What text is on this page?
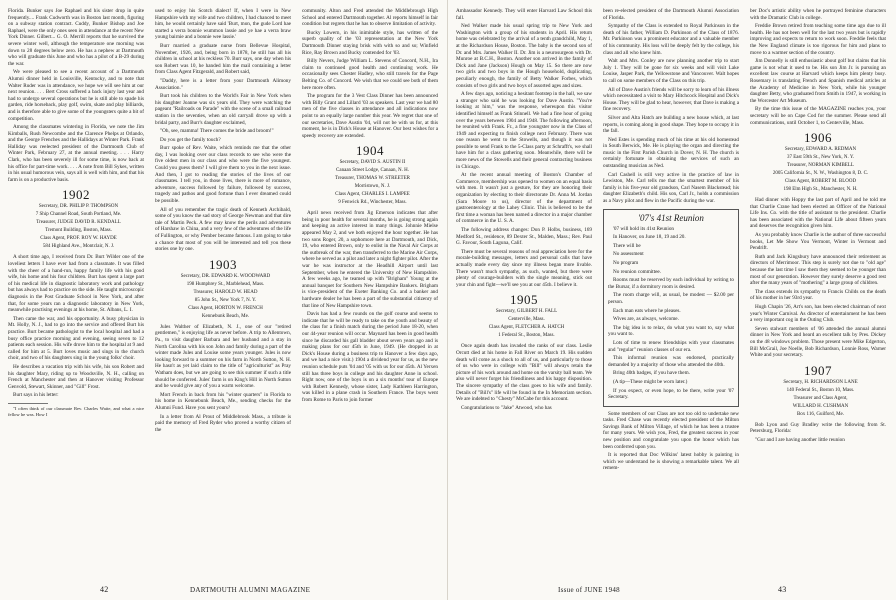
Florida. Bunker says Joe Raphael and his sister drop in quite frequently.... Frank Cudworth was in Boston last month, figuring on a subway station contract. Cuddy, Bunker Bishop and Joe Raphael, were the only ones seen in attendance at the recent New York Dinner. Gilbert... G. O. Merrill reports that he survived the severe winter well, although the temperature one morning was down to 28 degrees below zero. He has a nephew at Dartmouth who will graduate this June and who has a pilot of a B-29 during the war.

We were pleased to see a recent account of a Dartmouth Alumni dinner held in Louisville, Kentucky, and to note that Walter Ruder was in attendance, we hope we will see him at our next reunion. . . . Bert Cross suffered a back injury last year and had to undergo several operations but he is still able to spade his garden, ride horseback, play golf, swim, skate and play billiards, and is therefore able to give some of the youngsters quite a bit of competition.

Among the classmates wintering in Florida, we note the Jim Kimballs, Rush Newcombe and the Clarence Phelps at Orlando, and the George Frenches and the Hallidays at Winter Park. Frank Halliday was reelected president of the Dartmouth Club of Winter Park, February 27, at the annual meeting. . . . Harry Clark, who has been severely ill for some time, is now back at his office for part-time work. . . . A note from Bill Sykes, written in his usual humorous vein, says all is well with him, and that his farm is on a productive basis.

1902

Secretary, DR. PHILIP P. THOMPSON

7 Ship Channel Road, South Portland, Me.

Treasurer, JUDGE DAVID R. KENDALL

Tremont Building, Boston, Mass.

Class Agent, PROF. ROY W. HAYDE

584 Highland Ave., Montclair, N. J.

A short time ago, I received from Dr. Burt Wilder one of the loveliest letters I have ever had from a classmate. It was filled with the cheer of a hand-run, happy family life with his good wife, his home and his four children. Burt has spent a large part of his medical life in diagnostic laboratory work and pathology but has always had to practice on the side. He taught microscopic diagnosis in the Post Graduate School in New York, and after that, for some years ran a diagnostic laboratory in New York, meanwhile practising evenings at his home, St. Albans, L. I.

Then came the war, and his opportunity. A busy physician in Mt. Holly, N. J., had to go into the service and offered Burt his practice. Burt became pathologist to the local hospital and had a busy office practice morning and evening, seeing seven to 12 patients each session. His wife drove him to the hospital at 9 and called for him at 5. Burt loves music and sings in the church choir, and two of his daughters sing in the young folks' choir.

He describes a vacation trip with his wife, his son Robert and his daughter Mary, riding up to Woodsville, N. H., calling on French at Manchester and then at Hanover visiting Professor Genvold, Stewart, Skinner, and "Gill" Frost.

Burt says in his letter:

"I often think of our classmate Rev. Charles Waite, and what a nice fellow he was. How I

used to enjoy his Scotch dialect! If, when I were in New Hampshire with my wife and two children, I had chanced to meet him, he would certainly have said 'Burt, mon, the gude Lord hae started a verra bonnie wummon lassie and ye hae a verra braw young bairnie and a bonnie wee lassie.'

Burr married a graduate nurse from Bellevue Hospital, November, 1926, and, being born in 1878, he still has all his children in school at his reckless 70. Burr says, one day when his son Robert was 10, he handed him the mail containing a letter from Class Agent Fitzgerald, and Robert said,

"Daddy, here is a letter from your Dartmouth Alimony Association."

Burt took his children to the World's Fair in New York when his daughter Joanne was six years old. They were watching the pageant "Railroads on Parade" with the scene of a small railroad station in the seventies, when an old carryall drove up with a bridal party, and Burr's daughter exclaimed,

"Oh, see, mamma! There comes the bride and broom!"

Do you get the family touch?

Burr spoke of Rev. Waite, which reminds me that the other day, I was looking over our class records to see who were the five oldest men in our class and who were the five youngest. Could you guess them? I will give them to you in the next issue. And then, I got to reading the stories of the lives of our classmates. I tell you, in those lives, there is more of romance, adventure, success followed by failure, followed by success, tragedy and pathos and good fortune than I ever dreamed could be possible.

All of you remember the tragic death of Kenneth Archibald, some of you know the sad story of George Newman and that dire tale of Martin Peck. A few may know the perils and adventures of Harshaw in China, and a very few of the adventures of the life of Fullington, or why Pember became famous. I am going to take a chance that most of you will be interested and tell you these stories one by one.

1903

Secretary, DR. EDWARD K. WOODWARD

198 Humphrey St., Marblehead, Mass.

Treasurer, HAROLD W. HEAD

85 John St., New York 7, N. Y.

Class Agent, HORTON W. FRENCH

Kennebunk Beach, Me.

Jules Walther of Elizabeth, N. J., one of our "retired gentlemen," is enjoying life as never before. A trip to Allentown, Pa., to visit daughter Barbara and her husband and a stay in North Carolina with his son John and family during a part of the winter made Jules and Louise some years younger. Jules is now looking forward to a summer on his farm in North Sutton, N. H. He hasn't as yet laid claim to the title of "agriculturist" as Pray Watham does, but we are going to see this summer if such a title should be conferred. Jules' farm is on King's Hill in North Sutton and he would give any of you a warm welcome.

Mort French in back from his "winter quarters" in Florida to his home in Kennebunk Beach, Me., sending checks for the Alumni Fund. Have you sent yours?

In a letter from Al Prout of Middlebrook Mass., a tribute is paid the memory of Fred Ryder who proved a worthy citizen of the

community. Alton and Fred attended the Middlebrough High School and entered Dartmouth together. Al reports himself in fair condition but regrets that he has to observe limitation of activity.

Bucky Lowern, in his inimitable style, has written of the superb quality of the '03 representation at the New York Dartmouth Dinner staying brisk with with so and so; Winfield Rice, Ray Brown and Bucky contended for '03.

Billy Nevers, Judge William L. Stevens of Concord, N.H., Ira claim to continued good health and continuing work. He occasionally sees Chester Hadley, who still travels for the Page Belting Co. of Concord. We wish that we could see both of them here more often.

The program for the 3 Vest Class Dinner has been announced with Billy Grant and Lillard '03 as speakers. Last year we had 80 men of the five classes in attendance and all indications now point to an equally large number this year. We regret that one of our secretaries, Dave Austin '04, will not be with us for, at this moment, he is in Dick's House at Hanover. Our best wishes for a speedy recovery are extended.

1904

Secretary, DAVID S. AUSTIN II

Canaan Street Lodge, Canaan, N. H.

Treasurer, THOMAS W. STREETER

Morristown, N. J.

Class Agent, CHARLES I. LAMPEE

9 Fenwick Rd., Winchester, Mass.

April news received from Jig Emerson indicates that after being in poor health for several months, he is going strong again and keeping an active interest in many things. Johnnie Mielse appeared May 2, and we both enjoyed the hour together. He has two sons Roger, 20, a sophomore here at Dartmouth, and Dick, 19, who entered Brown, only to enlist in the Naval Air Corps at the outbreak of the war, then transferred to the Marine Air Corps, where he served as a pilot and later a night fighter pilot. After the war he was instructor at the Headhill Airport until last September, when he entered the University of New Hampshire. A few weeks ago, he teamed up with "Brigham" Young at the annual banquet for Southern New Hampshire Bankers. Brigham is vice-president of the Exeter Banking Co. and a banker and hardware dealer he has been a part of the substantial citizenry of that line of New Hampshire town.

Davis has had a few rounds on the golf course and seems to indicate that he will be ready to take on the youth and beauty of the class for a finish match during the period June 18-20, when our 44-year reunion will occur. Maynard has been in good health since he discarded his gall bladder about seven years ago and is making plans for our 45th in June, 1949. (He dropped in at Dick's House during a business trip to Hanover a few days ago, and we had a nice visit.) 1904 a dividend year for us, as the new reunion schedule puts '04 and '05 with us for our 45th. Al Yerxen still has three boys in college and his daughter Anne in school. Right now, one of the boys is on a six months' tour of Europe with Robert Kennedy, whose sister, Lady Kathleen Harrington, was killed in a plane crash in Southern France. The boys went from Rome to Paris to join former

42	DARTMOUTH ALUMNI MAGAZINE

Ambassador Kennedy. They will enter Harvard Law School this fall.

Ned Walker made his usual spring trip to New York and Washington with a group of his students in April. His return home was celebrated by the arrival of a tenth grandchild, May 1, at the Richardson House, Boston. The baby is the second son of Dr. and Mrs. James Walker II. Dr. Jim is a neurosurgeon with Dr. Munroe at B.C.H., Boston. Another son arrived in the family of Dick and Jane (Jackson) Hough on May 15. So there are now two girls and two boys in the Hough household, duplicating, peculiarly enough, the family of Betty Walker Forbes, which consists of two girls and two boys of assorted ages and sizes.

A few days ago, noticing a hesitant footstep in the hall, we saw a stranger who said he was looking for Dave Austin. "You're looking at him," was the response, whereupon this visitor identified himself as Frank Stinnell. We had a fine hour of going over the years between 1904 and 1948. The following afternoon, he reunited with Frank. Fr., a fine youngster now in the Class of 1949 and expecting to finish college next February. There was one reason he went to the Stowells, and though it was not possible to send Frank to the 5-Class party at Schrafft's, we shall have him for a class gathering soon. Meanwhile, there will be more news of the Stowells and their general contracting business in Chicago.

At the recent annual meeting of Boston's Chamber of Commerce, membership was opened to women on an equal basis with men. It wasn't just a gesture, for they are honoring their organization by electing to their directorate Dr. Anna M. Jordan (Sara Moore to us), director of the department of gastroenterology at the Lahey Clinic. This is believed to be the first time a woman has been named a director in a major chamber of commerce in the U. S. A.

The following address changes: Don P. Holbs, business, 169 Medford St., residence, 89 Dexter St., Malden, Mass.; Rev. Paul G. Favour, South Laguna, Calif.

There must be several reasons of real appreciation here for the morale-building messages, letters and personal calls that have actually made every day since my illness began more livable. There wasn't much sympathy, as such, wanted, but there were plenty of courage-builders with the single meaning, stick out your chin and fight—we'll see you at our 45th. I believe it.

1905

Secretary, GILBERT H. FALL

Centerville, Mass.

Class Agent, FLETCHER A. HATCH

1 Federal St., Boston, Mass.

Once again death has invaded the ranks of our class. Leslie Orcutt died at his home in Fall River on March 19. His sudden death will come as a shock to all of us, and particularly to those of us who were in college with "Bill" will always retain the picture of his work around and home on the varsity ball team. We also will never forget his friendliness and his happy disposition. The sincere sympathy of the class goes to his wife and family. Details of "Bill's" life will be found in the In Memoriam section. We are indebted to "Chesty" McCabe for this account.

Congratulations to "Jake" Atwood, who has

been re-elected president of the Dartmouth Alumni Association of Florida.

Sympathy of the Class is extended to Royal Parkinson in the death of his father, William D. Parkinson of the Class of 1876. Mr. Parkinson was a prominent educator and a valuable member of his community. His loss will be deeply felt by the college, his class and all who knew him.

Walt and Mrs. Conley are now planning another trip to start July 1. They will be gone for six weeks and will visit Lake Louise, Jasper Park, the Yellowstone and Vancouver. Walt hopes to call on some members of the Class on this trip.

All of Dave Austin's friends will be sorry to learn of his illness which necessitated a visit to Mary Hitchcock Hospital and Dick's House. They will be glad to hear, however, that Dave is making a fine recovery.

Silver and Alta Hatch are building a new house which, at last reports, is coming along in good shape. They hope to occupy it in the fall.

Ned Estes is spending much of his time at his old homestead in South Berwick, Me. He is playing the organ and directing the music in the First Parish Church in Dover, N. H. The church is certainly fortunate in obtaining the services of such an outstanding musician as Ned.

Carl Cashell is still very active in the practice of law in Lewiston, Me. Carl tells me that the smartest member of his family is his five-year old grandson, Carl Nasem Blackstead; his daughter Elizabeth's child. His son, Carl Jr., holds a commission as a Navy pilot and flew in the Pacific during the war.

'07's 41st Reunion

'07 will hold its 41st Reunion

In Hanover, on June 18, 19 and 20.

There will be

No assessment

No program

No reunion committee.

Rooms must be reserved by each individual by writing to the Bursar, if a dormitory room is desired.

The room charge will, as usual, be modest — $2.00 per person.

Each man eats where he pleases.

Wives are, as always, welcome.

The big idea is to relax, do what you want to, say what you want to.

Lots of time to renew friendships with your classmates and "regular" reunion classes of our era.

This informal reunion was endorsed, practically demanded by a majority of those who attended the 40th.

Bring 40th badges, if you have them.

(A tip—These might be worn later.)

If you expect, or even hope, to be there, write your '07 Secretary.

Some members of our Class are not too old to undertake new tasks. Fred Chase was recently elected president of the Milton Savings Bank of Milton Village, of which he has been a trustee for many years. We wish you, Fred, the greatest success in your new position and congratulate you upon the honor which has been conferred upon you.

It is reported that Doc Wilkins' latest hobby is painting in which we understand he is showing a remarkable talent. We all remem-

ber Doc's artistic ability when he portrayed feminine characters with the Dramatic Club in college.

Freddie Brown retired from teaching some time ago due to ill health. He has not been well for the last two years but is rapidly improving and expects to return to work soon. Freddie feels that the New England climate is too rigorous for him and plans to move to a warmer section of the country.

Jim Donnelly is still enthusiastic about golf but claims that his game is not what it used to be. His son Jim Jr. is pursuing an excellent law course at Harvard which keeps him plenty busy. Rosemary is translating French and Spanish medical articles at the Academy of Medicine in New York, while his younger daughter Betty, who graduated from Smith in 1947, is working in the Worcester Art Museum.

By the time this issue of the MAGAZINE reaches you, your secretary will be on Cape Cod for the summer. Please send all communications, until October 1, to Centerville, Mass.

1906

Secretary, EDWARD A. REDMAN

37 East 59th St., New York, N. Y.

Treasurer, NORMAN KIMBELL

2005 California St., N. W., Washington 8, D. C.

Class Agent, ROBERT M. BLOOD

198 Elm High St., Manchester, N. H.

Had dinner with Hoppy the last part of April and he told me that Charlie Crane had been elected an Officer of the National Life Ins. Co. with the title of assistant to the president. Charlie has been associated with the National Life about fifteen years and deserves the recognition given him.

As you probably know Charlie is the author of three successful books, Let Me Show You Vermont, Winter in Vermont and Pendrift.

Ruth and Jack Kingsbury have announced their retirement as directors of Merrimoor. This step is surely not due to "old age" because the last time I saw them they seemed to be younger than most of our generation. However they surely deserve a good rest after the many years of "mothering" a large group of children.

The class extends its sympathy to Francis Childs on the death of his mother in her 93rd year.

Hugh Chapin '26, Art's son, has been elected chairman of next year's Winter Carnival. As director of entertainment he has been a very important cog in the Outing Club.

Seven stalwart members of '06 attended the annual alumni dinner in New York and heard an excellent talk by Pres. Dickey on the 48 windows problem. Those present were Mike Edgerton, Bill McGrail, Joe Noelle, Bob Richardson, Lonnie Ross, Warner White and your secretary.

1907

Secretary, H. RICHARDSON LANE

140 Federal St., Boston 10, Mass.

Treasurer and Class Agent,

WILLARD H. CUSHMAN

Box 116, Guilford, Me.

Bob Lyon and Guy Bradley write the following from St. Petersburg, Florida:

"Gur and I are having another little reunion

Issue of JUNE 1948	43
